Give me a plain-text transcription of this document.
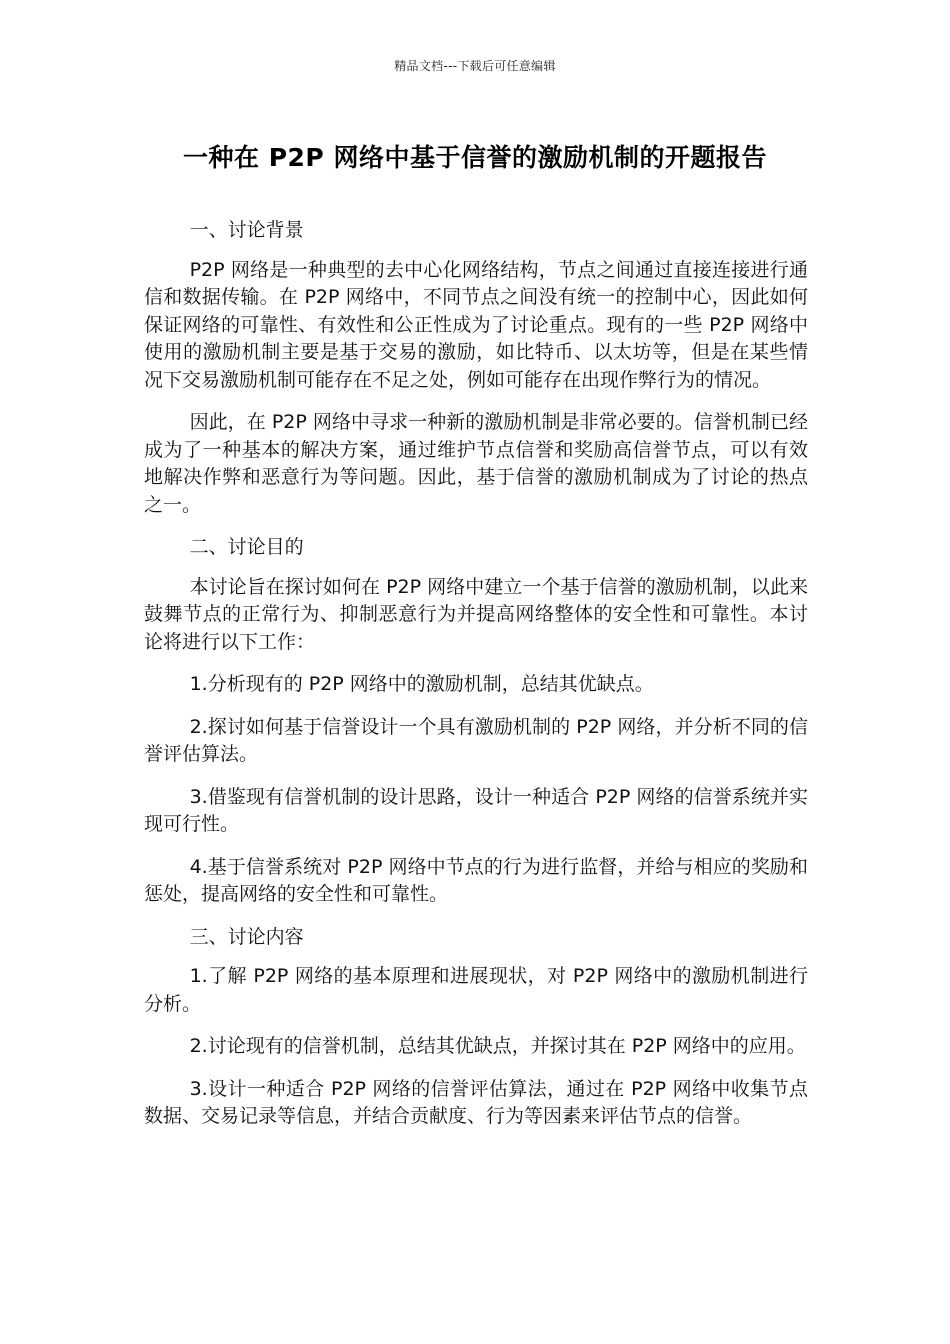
精品文档---下载后可任意编辑
一种在 P2P 网络中基于信誉的激励机制的开题报告

一、讨论背景

P2P 网络是一种典型的去中心化网络结构，节点之间通过直接连接进行通信和数据传输。在 P2P 网络中，不同节点之间没有统一的控制中心，因此如何保证网络的可靠性、有效性和公正性成为了讨论重点。现有的一些 P2P 网络中使用的激励机制主要是基于交易的激励，如比特币、以太坊等，但是在某些情况下交易激励机制可能存在不足之处，例如可能存在出现作弊行为的情况。

因此，在 P2P 网络中寻求一种新的激励机制是非常必要的。信誉机制已经成为了一种基本的解决方案，通过维护节点信誉和奖励高信誉节点，可以有效地解决作弊和恶意行为等问题。因此，基于信誉的激励机制成为了讨论的热点之一。

二、讨论目的

本讨论旨在探讨如何在 P2P 网络中建立一个基于信誉的激励机制，以此来鼓舞节点的正常行为、抑制恶意行为并提高网络整体的安全性和可靠性。本讨论将进行以下工作：

1.分析现有的 P2P 网络中的激励机制，总结其优缺点。

2.探讨如何基于信誉设计一个具有激励机制的 P2P 网络，并分析不同的信誉评估算法。

3.借鉴现有信誉机制的设计思路，设计一种适合 P2P 网络的信誉系统并实现可行性。

4.基于信誉系统对 P2P 网络中节点的行为进行监督，并给与相应的奖励和惩处，提高网络的安全性和可靠性。

三、讨论内容

1.了解 P2P 网络的基本原理和进展现状，对 P2P 网络中的激励机制进行分析。

2.讨论现有的信誉机制，总结其优缺点，并探讨其在 P2P 网络中的应用。

3.设计一种适合 P2P 网络的信誉评估算法，通过在 P2P 网络中收集节点数据、交易记录等信息，并结合贡献度、行为等因素来评估节点的信誉。
